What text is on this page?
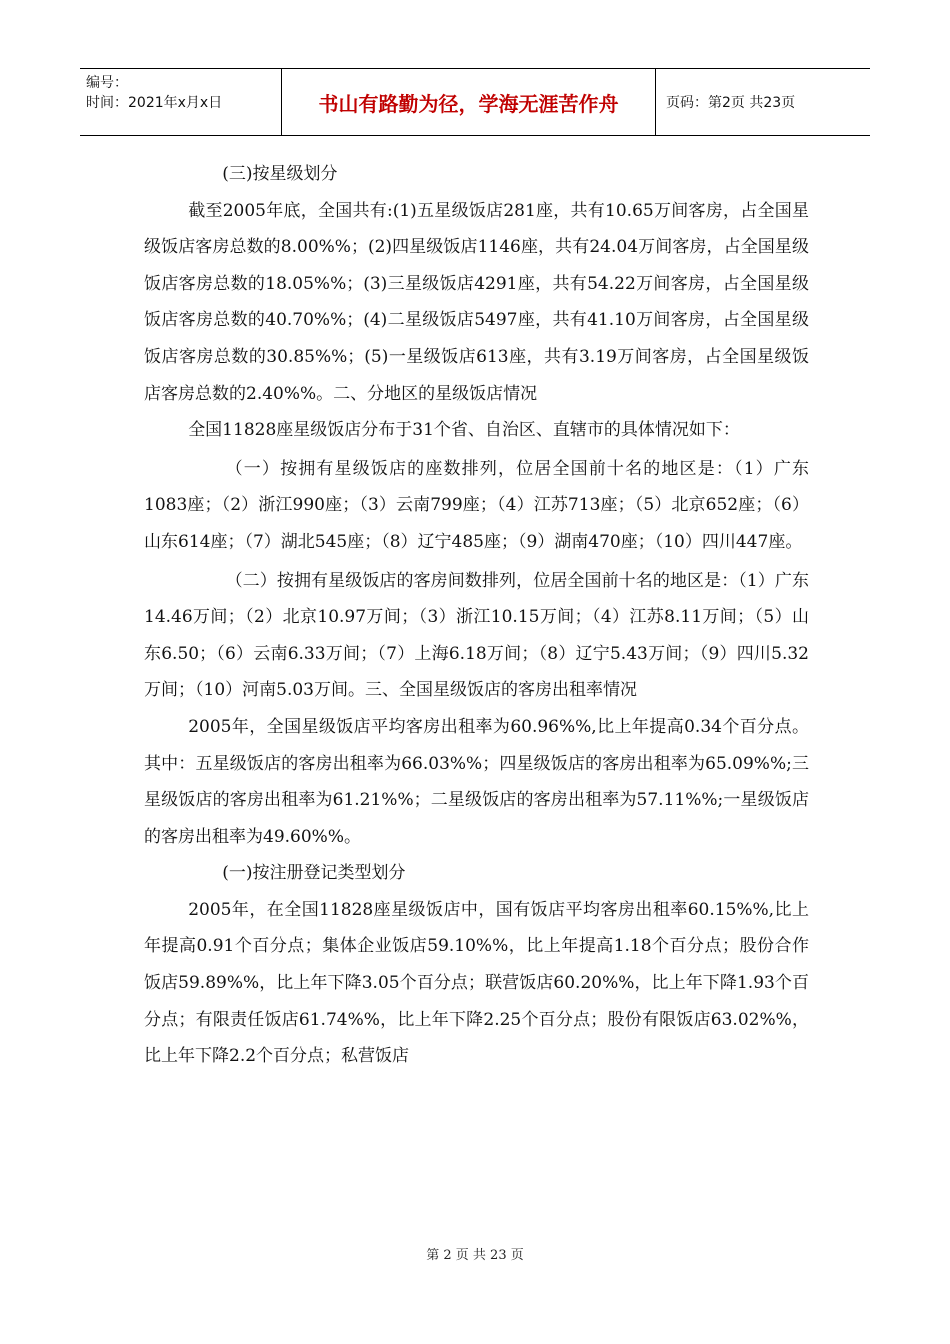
编号：
时间：2021年x月x日	书山有路勤为径，学海无涯苦作舟	页码：第2页 共23页

(三)按星级划分

截至2005年底，全国共有:(1)五星级饭店281座，共有10.65万间客房，占全国星级饭店客房总数的8.00%%；(2)四星级饭店1146座，共有24.04万间客房，占全国星级饭店客房总数的18.05%%；(3)三星级饭店4291座，共有54.22万间客房，占全国星级饭店客房总数的40.70%%；(4)二星级饭店5497座，共有41.10万间客房，占全国星级饭店客房总数的30.85%%；(5)一星级饭店613座，共有3.19万间客房，占全国星级饭店客房总数的2.40%%。二、分地区的星级饭店情况

全国11828座星级饭店分布于31个省、自治区、直辖市的具体情况如下：

（一）按拥有星级饭店的座数排列，位居全国前十名的地区是：（1）广东1083座；（2）浙江990座；（3）云南799座；（4）江苏713座；（5）北京652座；（6）山东614座；（7）湖北545座；（8）辽宁485座；（9）湖南470座；（10）四川447座。

（二）按拥有星级饭店的客房间数排列，位居全国前十名的地区是：（1）广东14.46万间；（2）北京10.97万间；（3）浙江10.15万间；（4）江苏8.11万间；（5）山东6.50；（6）云南6.33万间；（7）上海6.18万间；（8）辽宁5.43万间；（9）四川5.32万间；（10）河南5.03万间。三、全国星级饭店的客房出租率情况

2005年，全国星级饭店平均客房出租率为60.96%%,比上年提高0.34个百分点。其中：五星级饭店的客房出租率为66.03%%；四星级饭店的客房出租率为65.09%%;三星级饭店的客房出租率为61.21%%；二星级饭店的客房出租率为57.11%%;一星级饭店的客房出租率为49.60%%。

(一)按注册登记类型划分

2005年，在全国11828座星级饭店中，国有饭店平均客房出租率60.15%%,比上年提高0.91个百分点；集体企业饭店59.10%%，比上年提高1.18个百分点；股份合作饭店59.89%%，比上年下降3.05个百分点；联营饭店60.20%%，比上年下降1.93个百分点；有限责任饭店61.74%%，比上年下降2.25个百分点；股份有限饭店63.02%%，比上年下降2.2个百分点；私营饭店

第 2 页 共 23 页
